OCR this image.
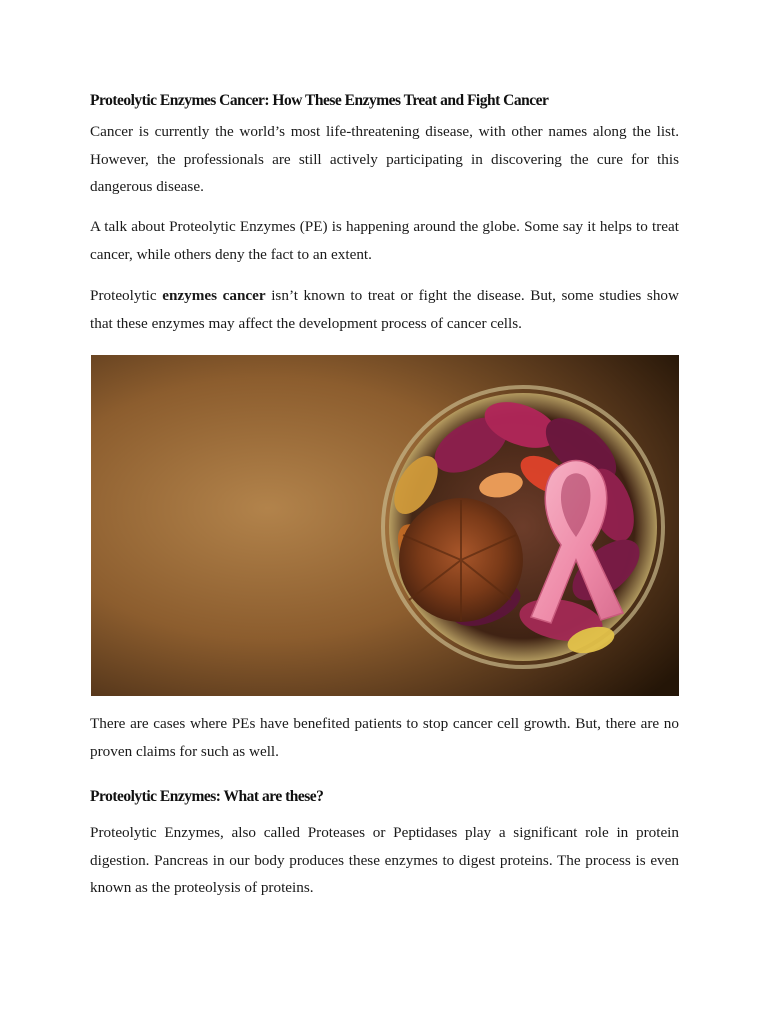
Proteolytic Enzymes Cancer: How These Enzymes Treat and Fight Cancer

Cancer is currently the world’s most life-threatening disease, with other names along the list. However, the professionals are still actively participating in discovering the cure for this dangerous disease.

A talk about Proteolytic Enzymes (PE) is happening around the globe. Some say it helps to treat cancer, while others deny the fact to an extent.

Proteolytic enzymes cancer isn’t known to treat or fight the disease. But, some studies show that these enzymes may affect the development process of cancer cells.

There are cases where PEs have benefited patients to stop cancer cell growth. But, there are no proven claims for such as well.

Proteolytic Enzymes: What are these?

Proteolytic Enzymes, also called Proteases or Peptidases play a significant role in protein digestion. Pancreas in our body produces these enzymes to digest proteins. The process is even known as the proteolysis of proteins.
